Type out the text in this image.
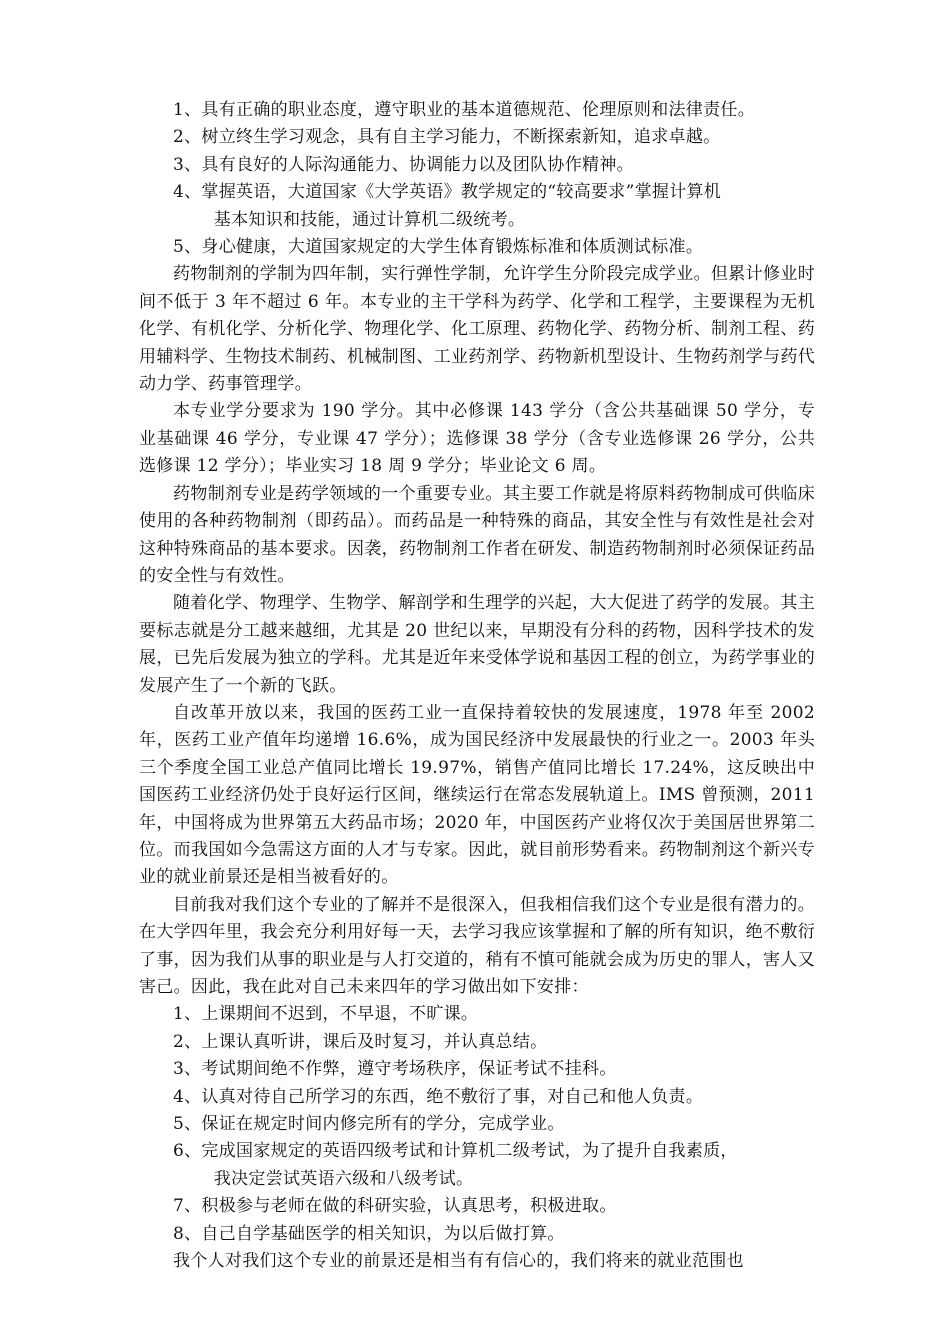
1、具有正确的职业态度，遵守职业的基本道德规范、伦理原则和法律责任。

2、树立终生学习观念，具有自主学习能力，不断探索新知，追求卓越。

3、具有良好的人际沟通能力、协调能力以及团队协作精神。

4、掌握英语，大道国家《大学英语》教学规定的“较高要求”掌握计算机
基本知识和技能，通过计算机二级统考。

5、身心健康，大道国家规定的大学生体育锻炼标准和体质测试标准。

药物制剂的学制为四年制，实行弹性学制，允许学生分阶段完成学业。但累计修业时间不低于 3 年不超过 6 年。本专业的主干学科为药学、化学和工程学，主要课程为无机化学、有机化学、分析化学、物理化学、化工原理、药物化学、药物分析、制剂工程、药用辅料学、生物技术制药、机械制图、工业药剂学、药物新机型设计、生物药剂学与药代动力学、药事管理学。

本专业学分要求为 190 学分。其中必修课 143 学分（含公共基础课 50 学分，专业基础课 46 学分，专业课 47 学分）；选修课 38 学分（含专业选修课 26 学分，公共选修课 12 学分）；毕业实习 18 周 9 学分；毕业论文 6 周。

药物制剂专业是药学领域的一个重要专业。其主要工作就是将原料药物制成可供临床使用的各种药物制剂（即药品）。而药品是一种特殊的商品，其安全性与有效性是社会对这种特殊商品的基本要求。因袭，药物制剂工作者在研发、制造药物制剂时必须保证药品的安全性与有效性。

随着化学、物理学、生物学、解剖学和生理学的兴起，大大促进了药学的发展。其主要标志就是分工越来越细，尤其是 20 世纪以来，早期没有分科的药物，因科学技术的发展，已先后发展为独立的学科。尤其是近年来受体学说和基因工程的创立，为药学事业的发展产生了一个新的飞跃。

自改革开放以来，我国的医药工业一直保持着较快的发展速度，1978 年至 2002 年，医药工业产值年均递增 16.6%，成为国民经济中发展最快的行业之一。2003 年头三个季度全国工业总产值同比增长 19.97%，销售产值同比增长 17.24%，这反映出中国医药工业经济仍处于良好运行区间，继续运行在常态发展轨道上。IMS 曾预测，2011 年，中国将成为世界第五大药品市场；2020 年，中国医药产业将仅次于美国居世界第二位。而我国如今急需这方面的人才与专家。因此，就目前形势看来。药物制剂这个新兴专业的就业前景还是相当被看好的。

目前我对我们这个专业的了解并不是很深入，但我相信我们这个专业是很有潜力的。在大学四年里，我会充分利用好每一天，去学习我应该掌握和了解的所有知识，绝不敷衍了事，因为我们从事的职业是与人打交道的，稍有不慎可能就会成为历史的罪人，害人又害己。因此，我在此对自己未来四年的学习做出如下安排：

1、上课期间不迟到，不早退，不旷课。

2、上课认真听讲，课后及时复习，并认真总结。

3、考试期间绝不作弊，遵守考场秩序，保证考试不挂科。

4、认真对待自己所学习的东西，绝不敷衍了事，对自己和他人负责。

5、保证在规定时间内修完所有的学分，完成学业。

6、完成国家规定的英语四级考试和计算机二级考试，为了提升自我素质，
我决定尝试英语六级和八级考试。

7、积极参与老师在做的科研实验，认真思考，积极进取。

8、自己自学基础医学的相关知识，为以后做打算。

我个人对我们这个专业的前景还是相当有有信心的，我们将来的就业范围也
